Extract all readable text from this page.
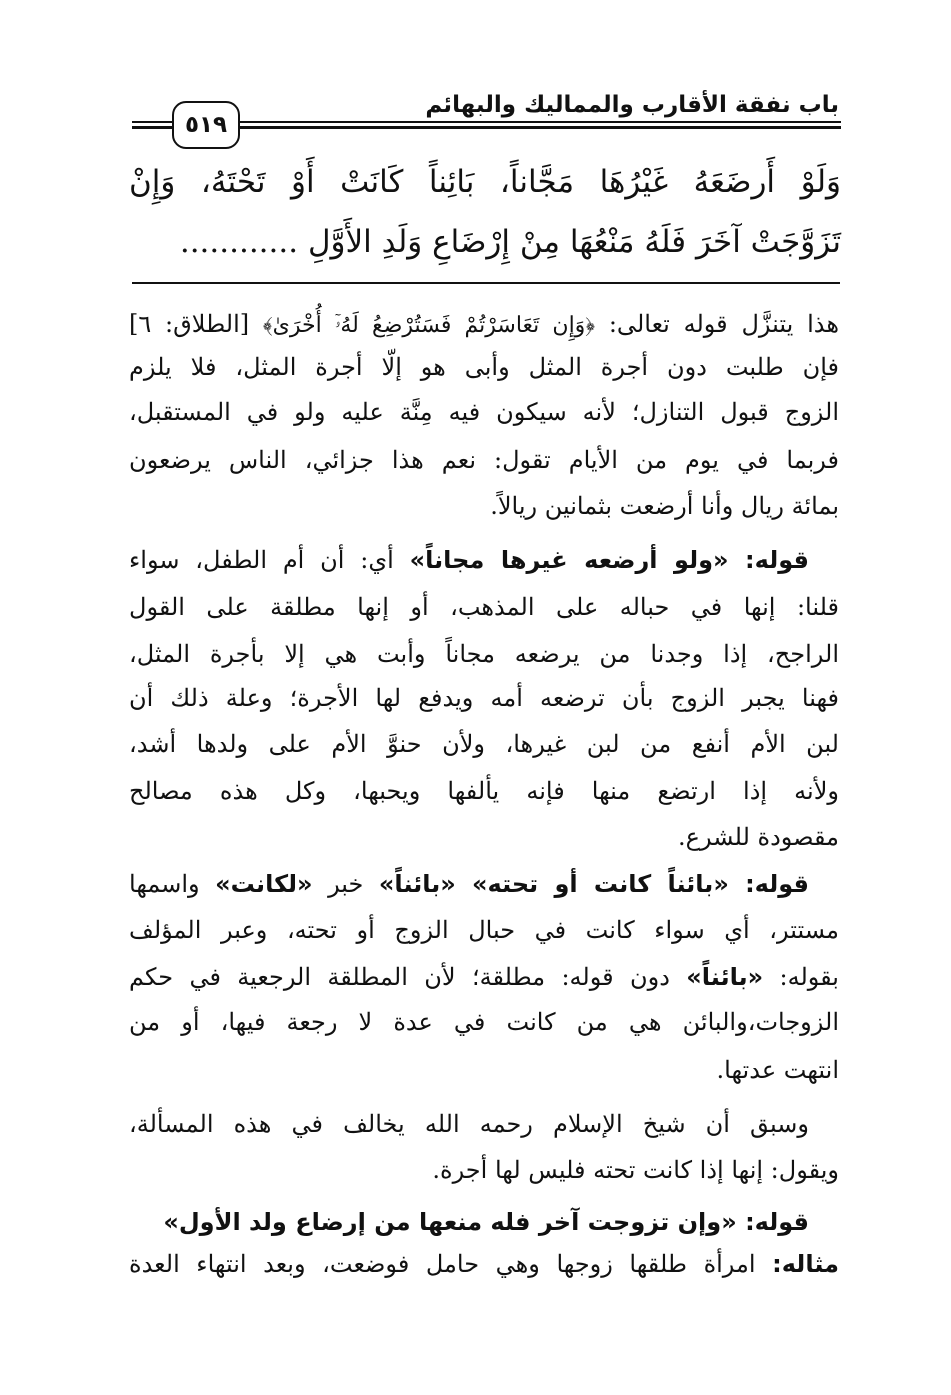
باب نفقة الأقارب والمماليك والبهائم
٥١٩
وَلَوْ أَرضَعَهُ غَيْرُهَا مَجَّاناً، بَائِناً كَانَتْ أَوْ تَحْتَهُ، وَإِنْ
تَزَوَّجَتْ آخَرَ فَلَهُ مَنْعُهَا مِنْ إِرْضَاعِ وَلَدِ الأَوَّلِ ............
هذا يتنزَّل قوله تعالى: ﴿وَإِن تَعَاسَرْتُمْ فَسَتُرْضِعُ لَهُۥٓ أُخْرَىٰ﴾ [الطلاق: ٦]
فإن طلبت دون أجرة المثل وأبى هو إلّا أجرة المثل، فلا يلزم
الزوج قبول التنازل؛ لأنه سيكون فيه مِنَّة عليه ولو في المستقبل،
فربما في يوم من الأيام تقول: نعم هذا جزائي، الناس يرضعون
بمائة ريال وأنا أرضعت بثمانين ريالاً.
قوله: «ولو أرضعه غيرها مجاناً» أي: أن أم الطفل، سواء
قلنا: إنها في حباله على المذهب، أو إنها مطلقة على القول
الراجح، إذا وجدنا من يرضعه مجاناً وأبت هي إلا بأجرة المثل،
فهنا يجبر الزوج بأن ترضعه أمه ويدفع لها الأجرة؛ وعلة ذلك أن
لبن الأم أنفع من لبن غيرها، ولأن حنوَّ الأم على ولدها أشد،
ولأنه إذا ارتضع منها فإنه يألفها ويحبها، وكل هذه مصالح
مقصودة للشرع.
قوله: «بائناً كانت أو تحته» «بائناً» خبر «لكانت» واسمها
مستتر، أي سواء كانت في حبال الزوج أو تحته، وعبر المؤلف
بقوله: «بائناً» دون قوله: مطلقة؛ لأن المطلقة الرجعية في حكم
الزوجات،والبائن هي من كانت في عدة لا رجعة فيها، أو من
انتهت عدتها.
وسبق أن شيخ الإسلام رحمه الله يخالف في هذه المسألة،
ويقول: إنها إذا كانت تحته فليس لها أجرة.
قوله: «وإن تزوجت آخر فله منعها من إرضاع ولد الأول»
مثاله: امرأة طلقها زوجها وهي حامل فوضعت، وبعد انتهاء العدة
